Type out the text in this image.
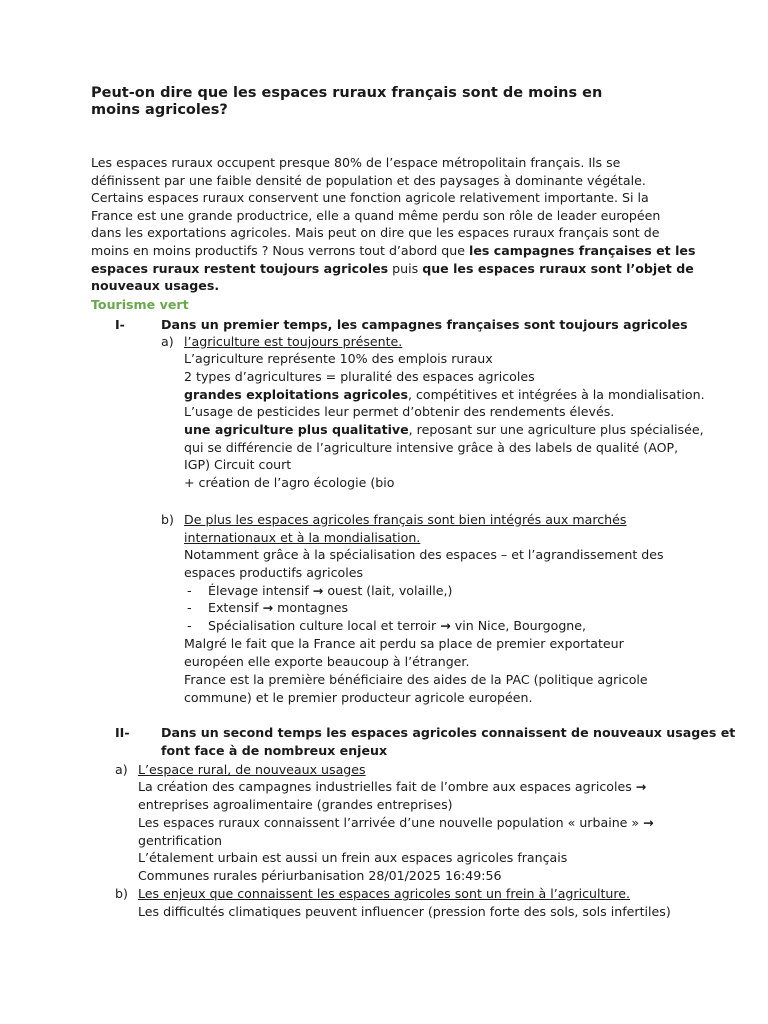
Peut-on dire que les espaces ruraux français sont de moins en
moins agricoles?
Les espaces ruraux occupent presque 80% de l’espace métropolitain français. Ils se
définissent par une faible densité de population et des paysages à dominante végétale.
Certains espaces ruraux conservent une fonction agricole relativement importante. Si la
France est une grande productrice, elle a quand même perdu son rôle de leader européen
dans les exportations agricoles. Mais peut on dire que les espaces ruraux français sont de
moins en moins productifs ? Nous verrons tout d’abord que les campagnes françaises et les
espaces ruraux restent toujours agricoles puis que les espaces ruraux sont l’objet de
nouveaux usages.
Tourisme vert
I-	Dans un premier temps, les campagnes françaises sont toujours agricoles
a) l’agriculture est toujours présente.
L’agriculture représente 10% des emplois ruraux
2 types d’agricultures = pluralité des espaces agricoles
grandes exploitations agricoles, compétitives et intégrées à la mondialisation.
L’usage de pesticides leur permet d’obtenir des rendements élevés.
une agriculture plus qualitative, reposant sur une agriculture plus spécialisée,
qui se différencie de l’agriculture intensive grâce à des labels de qualité (AOP,
IGP) Circuit court
+ création de l’agro écologie (bio
b) De plus les espaces agricoles français sont bien intégrés aux marchés
internationaux et à la mondialisation.
Notamment grâce à la spécialisation des espaces – et l’agrandissement des
espaces productifs agricoles
- Élevage intensif → ouest (lait, volaille,)
- Extensif → montagnes
- Spécialisation culture local et terroir → vin Nice, Bourgogne,
Malgré le fait que la France ait perdu sa place de premier exportateur
européen elle exporte beaucoup à l’étranger.
France est la première bénéficiaire des aides de la PAC (politique agricole
commune) et le premier producteur agricole européen.
II- Dans un second temps les espaces agricoles connaissent de nouveaux usages et
font face à de nombreux enjeux
a) L’espace rural, de nouveaux usages
La création des campagnes industrielles fait de l’ombre aux espaces agricoles →
entreprises agroalimentaire (grandes entreprises)
Les espaces ruraux connaissent l’arrivée d’une nouvelle population « urbaine » →
gentrification
L’étalement urbain est aussi un frein aux espaces agricoles français
Communes rurales périurbanisation 28/01/2025 16:49:56
b) Les enjeux que connaissent les espaces agricoles sont un frein à l’agriculture.
Les difficultés climatiques peuvent influencer (pression forte des sols, sols infertiles)
